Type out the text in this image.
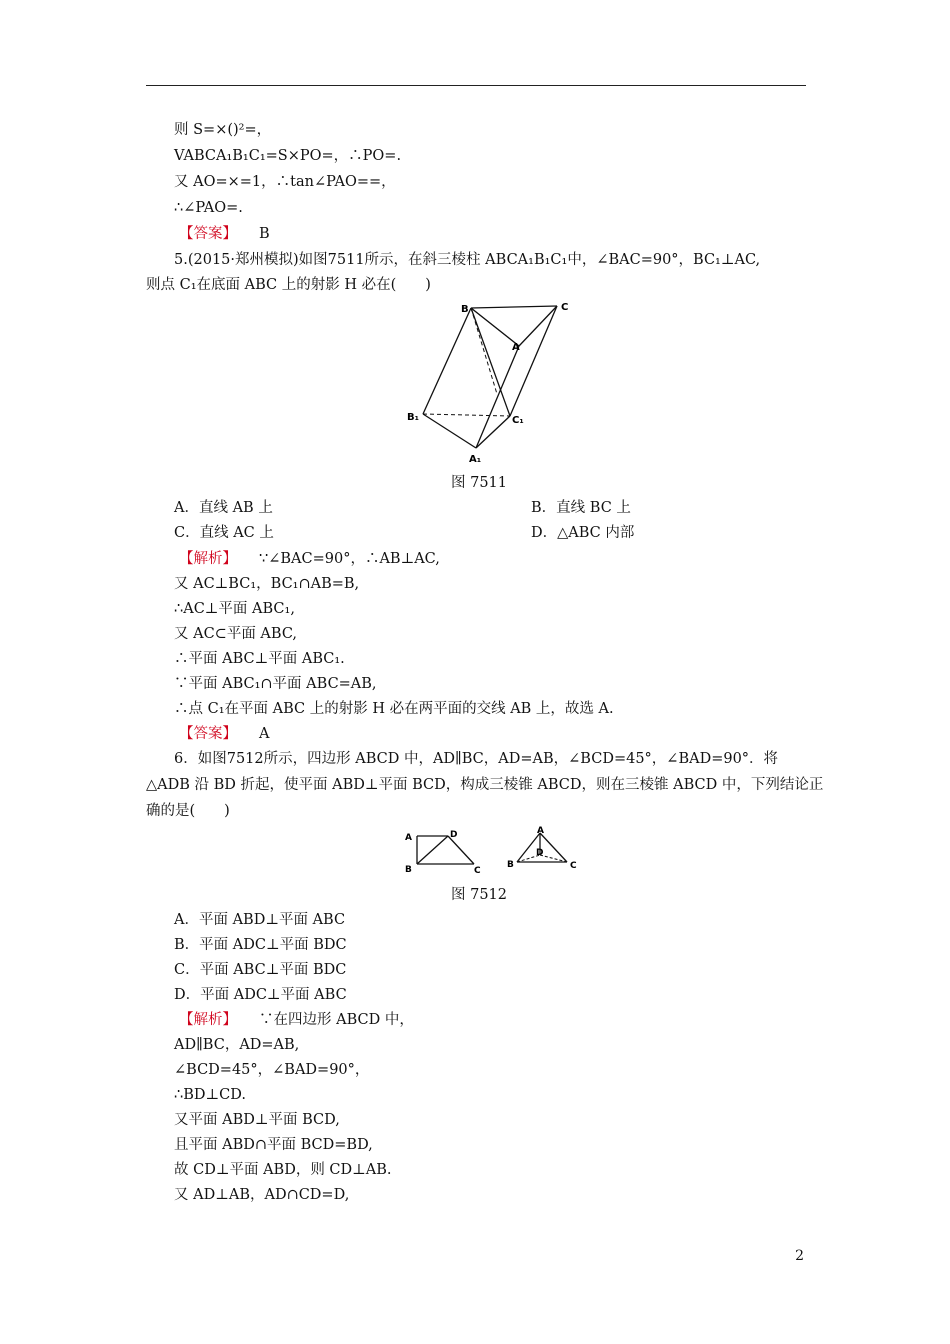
则 S=×()²=，
VABCA₁B₁C₁=S×PO=，∴PO=.
又 AO=×=1，∴tan∠PAO==，
∴∠PAO=.
【答案】 B
5.(2015·郑州模拟)如图7511所示，在斜三棱柱 ABCA₁B₁C₁中，∠BAC=90°，BC₁⊥AC,
则点 C₁在底面 ABC 上的射影 H 必在(　　)
B	C
A
B₁	C₁
A₁
图 7511
A．直线 AB 上	B．直线 BC 上
C．直线 AC 上	D．△ABC 内部
【解析】 ∵∠BAC=90°，∴AB⊥AC,
又 AC⊥BC₁，BC₁∩AB=B,
∴AC⊥平面 ABC₁,
又 AC⊂平面 ABC,
∴平面 ABC⊥平面 ABC₁.
∵平面 ABC₁∩平面 ABC=AB,
∴点 C₁在平面 ABC 上的射影 H 必在两平面的交线 AB 上，故选 A.
【答案】 A
6．如图7512所示，四边形 ABCD 中，AD∥BC，AD=AB，∠BCD=45°，∠BAD=90°．将
△ADB 沿 BD 折起，使平面 ABD⊥平面 BCD，构成三棱锥 ABCD，则在三棱锥 ABCD 中，下列结论正
确的是(　　)
A	D
B	C
A
D
B	C
图 7512
A．平面 ABD⊥平面 ABC
B．平面 ADC⊥平面 BDC
C．平面 ABC⊥平面 BDC
D．平面 ADC⊥平面 ABC
【解析】 ∵在四边形 ABCD 中，
AD∥BC，AD=AB,
∠BCD=45°，∠BAD=90°，
∴BD⊥CD.
又平面 ABD⊥平面 BCD,
且平面 ABD∩平面 BCD=BD,
故 CD⊥平面 ABD，则 CD⊥AB.
又 AD⊥AB，AD∩CD=D,
2
